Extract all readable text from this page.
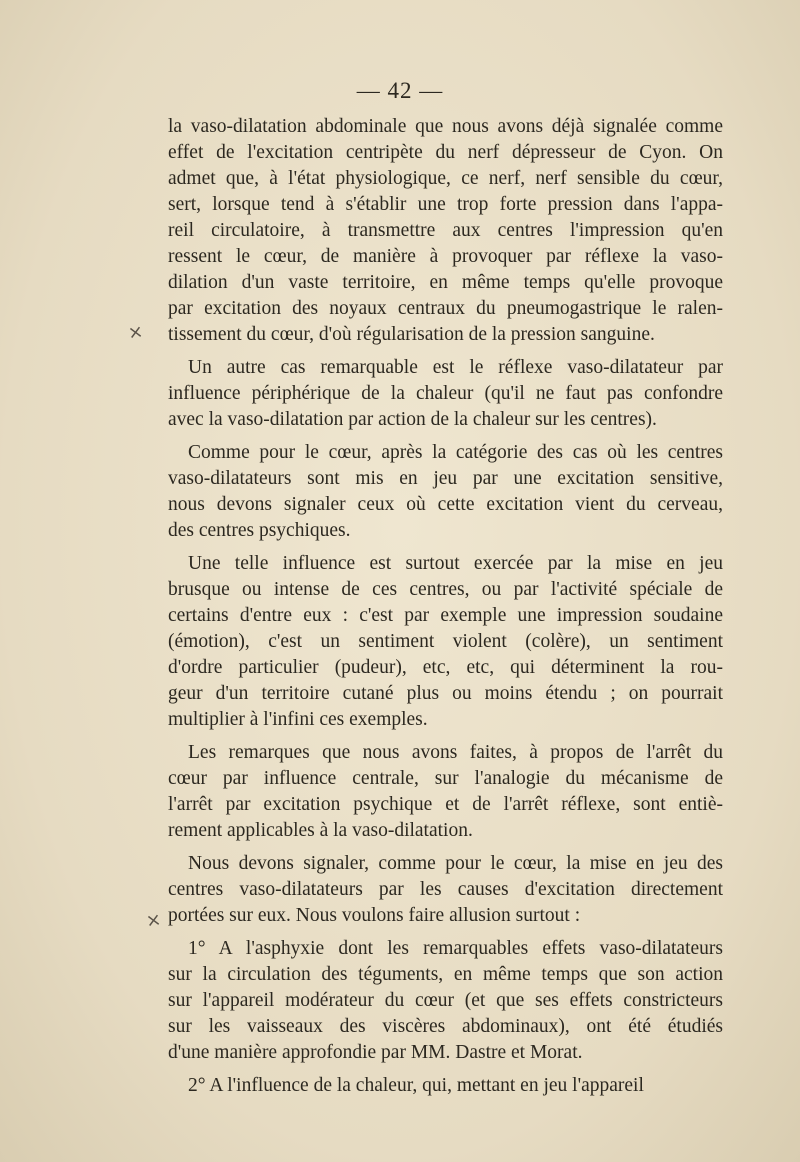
— 42 —
×
×
la vaso-dilatation abdominale que nous avons déjà signalée comme
effet de l'excitation centripète du nerf dépresseur de Cyon. On
admet que, à l'état physiologique, ce nerf, nerf sensible du cœur,
sert, lorsque tend à s'établir une trop forte pression dans l'appa-
reil circulatoire, à transmettre aux centres l'impression qu'en
ressent le cœur, de manière à provoquer par réflexe la vaso-
dilation d'un vaste territoire, en même temps qu'elle provoque
par excitation des noyaux centraux du pneumogastrique le ralen-
tissement du cœur, d'où régularisation de la pression sanguine.
Un autre cas remarquable est le réflexe vaso-dilatateur par
influence périphérique de la chaleur (qu'il ne faut pas confondre
avec la vaso-dilatation par action de la chaleur sur les centres).
Comme pour le cœur, après la catégorie des cas où les centres
vaso-dilatateurs sont mis en jeu par une excitation sensitive,
nous devons signaler ceux où cette excitation vient du cerveau,
des centres psychiques.
Une telle influence est surtout exercée par la mise en jeu
brusque ou intense de ces centres, ou par l'activité spéciale de
certains d'entre eux : c'est par exemple une impression soudaine
(émotion), c'est un sentiment violent (colère), un sentiment
d'ordre particulier (pudeur), etc, etc, qui déterminent la rou-
geur d'un territoire cutané plus ou moins étendu ; on pourrait
multiplier à l'infini ces exemples.
Les remarques que nous avons faites, à propos de l'arrêt du
cœur par influence centrale, sur l'analogie du mécanisme de
l'arrêt par excitation psychique et de l'arrêt réflexe, sont entiè-
rement applicables à la vaso-dilatation.
Nous devons signaler, comme pour le cœur, la mise en jeu des
centres vaso-dilatateurs par les causes d'excitation directement
portées sur eux. Nous voulons faire allusion surtout :
1° A l'asphyxie dont les remarquables effets vaso-dilatateurs
sur la circulation des téguments, en même temps que son action
sur l'appareil modérateur du cœur (et que ses effets constricteurs
sur les vaisseaux des viscères abdominaux), ont été étudiés
d'une manière approfondie par MM. Dastre et Morat.
2° A l'influence de la chaleur, qui, mettant en jeu l'appareil
